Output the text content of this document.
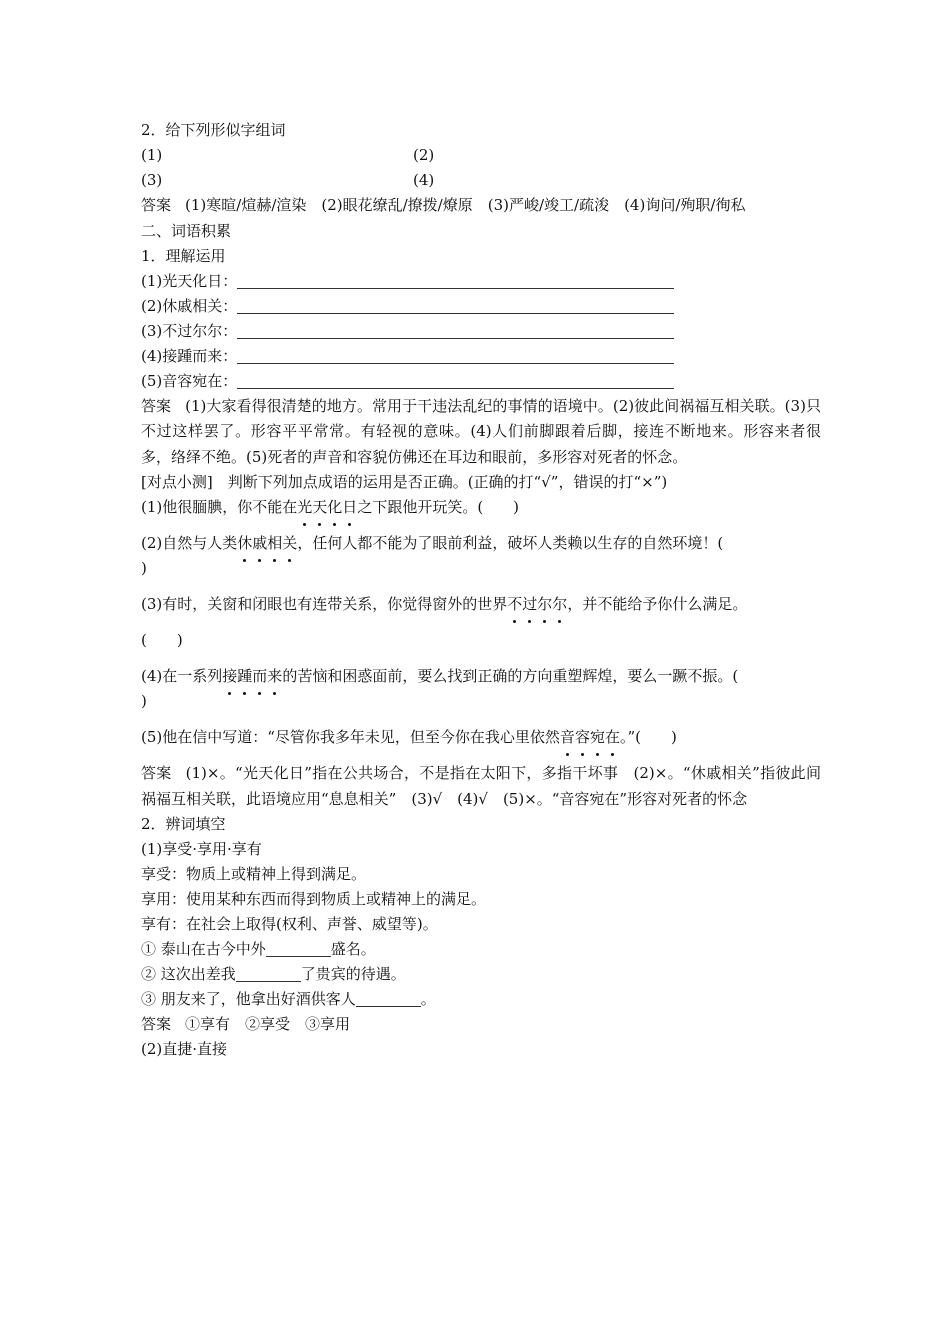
2．给下列形似字组词
(1)	(2)
(3)	(4)
答案 (1)寒暄/煊赫/渲染　(2)眼花缭乱/撩拨/燎原　(3)严峻/竣工/疏浚　(4)询问/殉职/徇私
二、词语积累
1．理解运用
(1)光天化日：
(2)休戚相关：
(3)不过尔尔：
(4)接踵而来：
(5)音容宛在：
答案 (1)大家看得很清楚的地方。常用于干违法乱纪的事情的语境中。(2)彼此间祸福互相关联。(3)只不过这样罢了。形容平平常常。有轻视的意味。(4)人们前脚跟着后脚，接连不断地来。形容来者很多，络绎不绝。(5)死者的声音和容貌仿佛还在耳边和眼前，多形容对死者的怀念。
[对点小测]　判断下列加点成语的运用是否正确。(正确的打“√”，错误的打“×”)
(1)他很腼腆，你不能在光天化日之下跟他开玩笑。(　　)
(2)自然与人类休戚相关，任何人都不能为了眼前利益，破坏人类赖以生存的自然环境！(
)
(3)有时，关窗和闭眼也有连带关系，你觉得窗外的世界不过尔尔，并不能给予你什么满足。
(　　)
(4)在一系列接踵而来的苦恼和困惑面前，要么找到正确的方向重塑辉煌，要么一蹶不振。(
)
(5)他在信中写道：“尽管你我多年未见，但至今你在我心里依然音容宛在。”(　　)
答案 (1)×。“光天化日”指在公共场合，不是指在太阳下，多指干坏事　(2)×。“休戚相关”指彼此间祸福互相关联，此语境应用“息息相关”　(3)√　(4)√　(5)×。“音容宛在”形容对死者的怀念
2．辨词填空
(1)享受·享用·享有
享受：物质上或精神上得到满足。
享用：使用某种东西而得到物质上或精神上的满足。
享有：在社会上取得(权利、声誉、威望等)。
① 泰山在古今中外	盛名。
② 这次出差我	了贵宾的待遇。
③ 朋友来了，他拿出好酒供客人	。
答案 ①享有　②享受　③享用
(2)直捷·直接
